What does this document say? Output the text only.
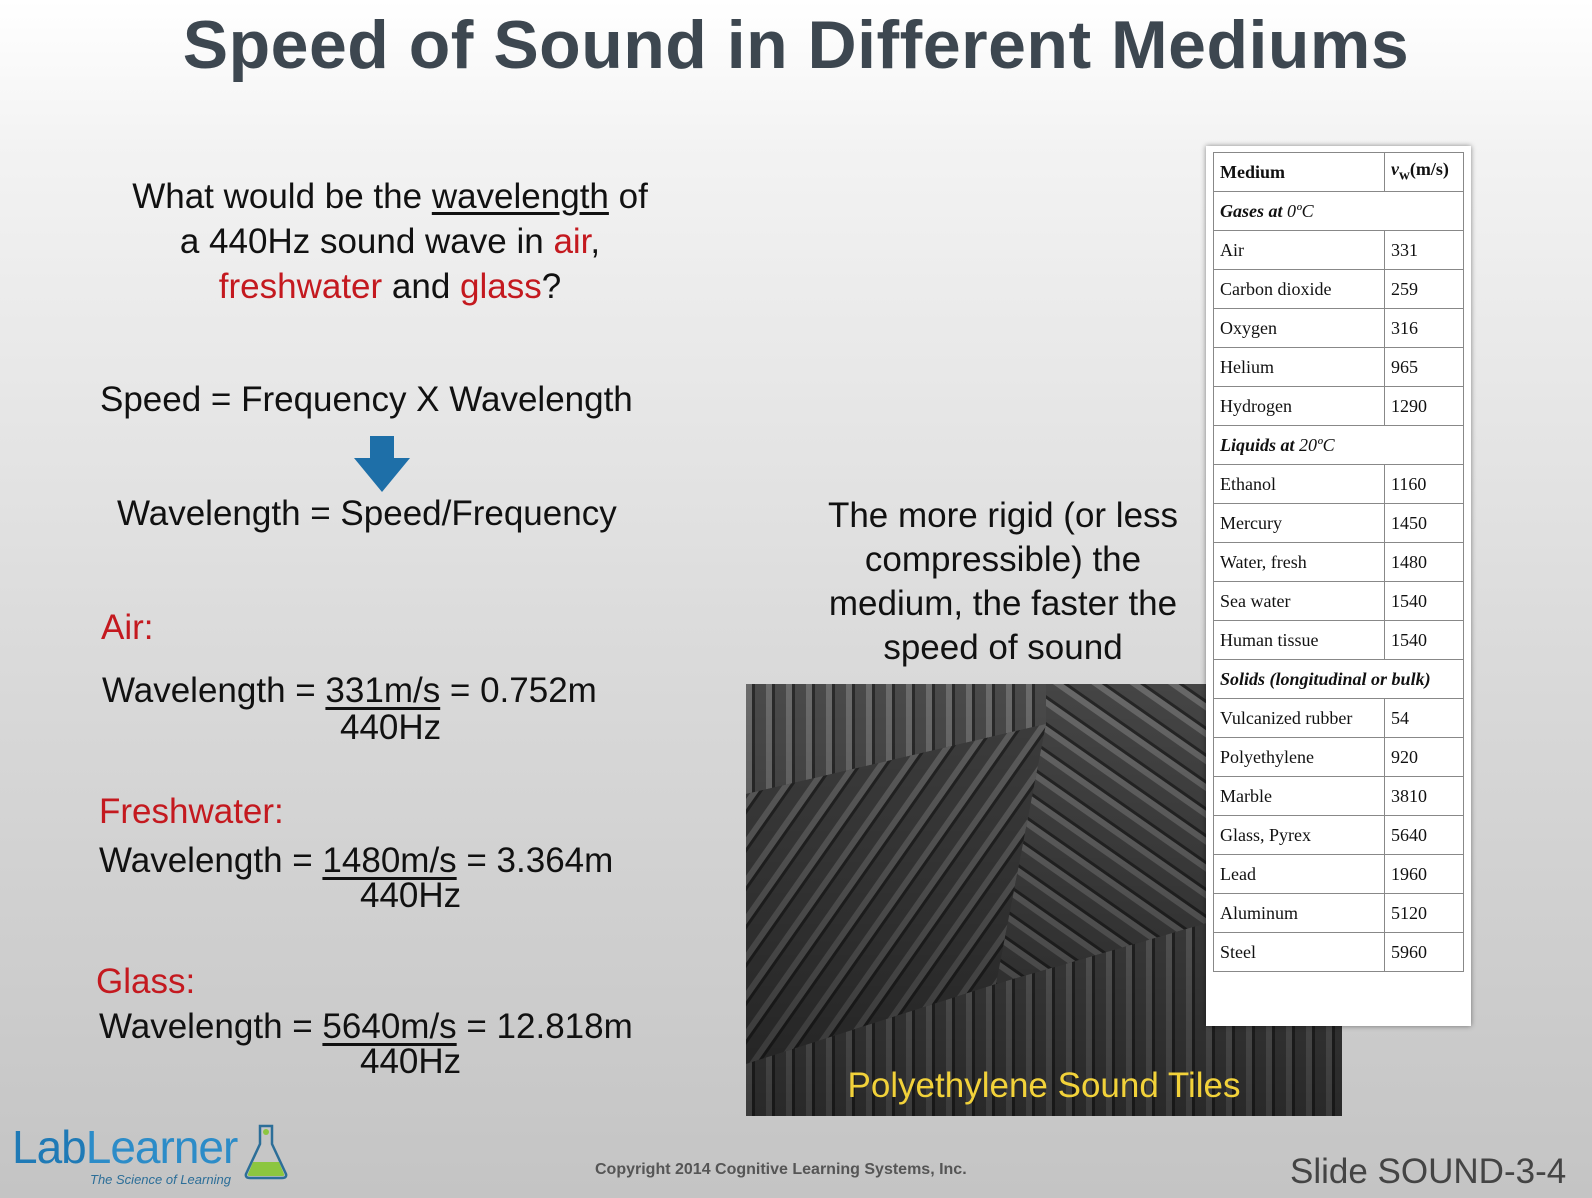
Speed of Sound in Different Mediums
What would be the wavelength of
a 440Hz sound wave in air,
freshwater and glass?
Speed = Frequency X Wavelength
Wavelength = Speed/Frequency
Air:
Wavelength = 331m/s = 0.752m
440Hz
Freshwater:
Wavelength = 1480m/s = 3.364m
440Hz
Glass:
Wavelength = 5640m/s = 12.818m
440Hz
The more rigid (or less compressible) the medium, the faster the speed of sound
Polyethylene Sound Tiles
Medium	$v_w(m/s)$
Gases at 0ºC	
Air	331
Carbon dioxide	259
Oxygen	316
Helium	965
Hydrogen	1290
Liquids at 20ºC	
Ethanol	1160
Mercury	1450
Water, fresh	1480
Sea water	1540
Human tissue	1540
Solids (longitudinal or bulk)	
Vulcanized rubber	54
Polyethylene	920
Marble	3810
Glass, Pyrex	5640
Lead	1960
Aluminum	5120
Steel	5960
LabLearner
The Science of Learning
Copyright 2014 Cognitive Learning Systems, Inc.	Slide SOUND-3-4
